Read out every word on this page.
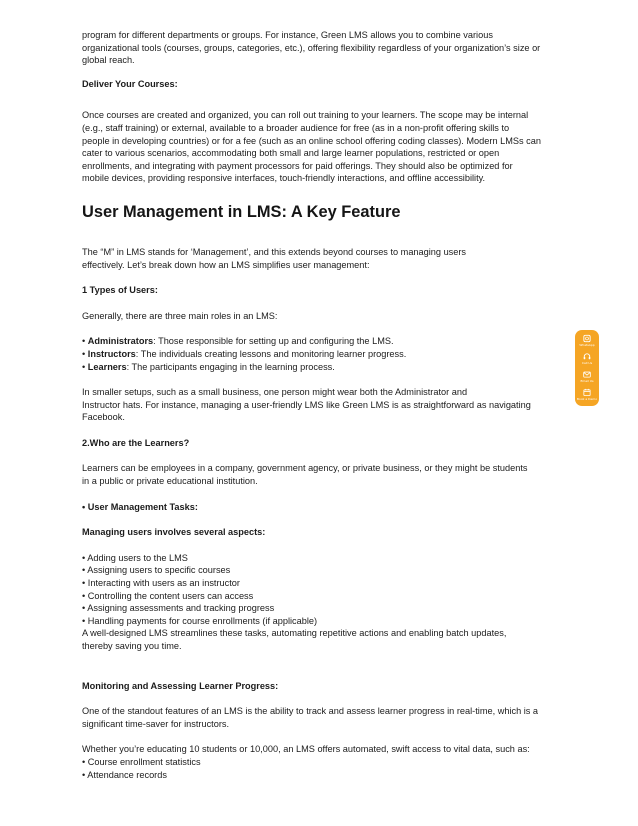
program for different departments or groups. For instance, Green LMS allows you to combine various

organizational tools (courses, groups, categories, etc.), offering flexibility regardless of your organization’s size or

global reach.

Deliver Your Courses:

Once courses are created and organized, you can roll out training to your learners. The scope may be internal

(e.g., staff training) or external, available to a broader audience for free (as in a non-profit offering skills to

people in developing countries) or for a fee (such as an online school offering coding classes). Modern LMSs can

cater to various scenarios, accommodating both small and large learner populations, restricted or open

enrollments, and integrating with payment processors for paid offerings. They should also be optimized for

mobile devices, providing responsive interfaces, touch-friendly interactions, and offline accessibility.

User Management in LMS: A Key Feature

The “M” in LMS stands for ‘Management’, and this extends beyond courses to managing users

effectively. Let’s break down how an LMS simplifies user management:

1 Types of Users:

Generally, there are three main roles in an LMS:

• Administrators: Those responsible for setting up and configuring the LMS.

• Instructors: The individuals creating lessons and monitoring learner progress.

• Learners: The participants engaging in the learning process.

In smaller setups, such as a small business, one person might wear both the Administrator and

Instructor hats. For instance, managing a user-friendly LMS like Green LMS is as straightforward as navigating

Facebook.

2.Who are the Learners?

Learners can be employees in a company, government agency, or private business, or they might be students

in a public or private educational institution.

• User Management Tasks:

Managing users involves several aspects:

• Adding users to the LMS

• Assigning users to specific courses

• Interacting with users as an instructor

• Controlling the content users can access

• Assigning assessments and tracking progress

• Handling payments for course enrollments (if applicable)

A well-designed LMS streamlines these tasks, automating repetitive actions and enabling batch updates,

thereby saving you time.

Monitoring and Assessing Learner Progress:

One of the standout features of an LMS is the ability to track and assess learner progress in real-time, which is a

significant time-saver for instructors.

Whether you’re educating 10 students or 10,000, an LMS offers automated, swift access to vital data, such as:

• Course enrollment statistics

• Attendance records

WhatsApp
Call Us
Email Us
Book a Demo
